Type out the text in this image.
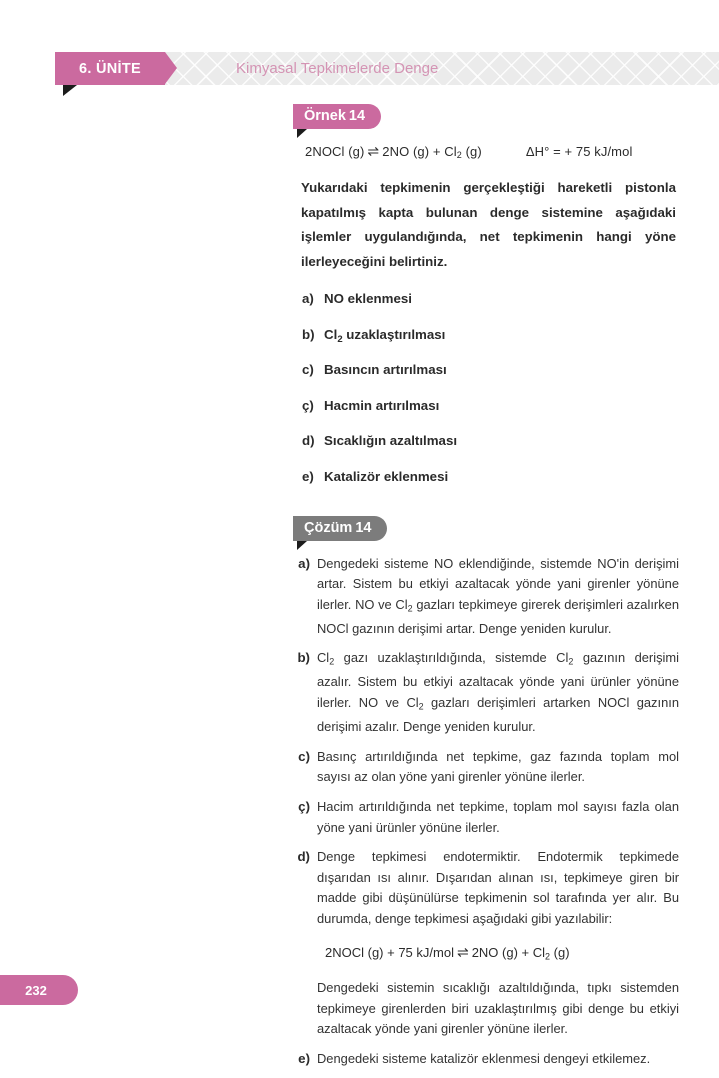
6. ÜNİTE	Kimyasal Tepkimelerde Denge
Örnek 14
2NOCl (g) ⇌ 2NO $(g) + Cl_2$ (g)	ΔH° = + 75 kJ/mol
Yukarıdaki tepkimenin gerçekleştiği hareketli pistonla kapatılmış kapta bulunan denge sistemine aşağıdaki işlemler uygulandığında, net tepkimenin hangi yöne ilerleyeceğini belirtiniz.
a) NO eklenmesi
b) $Cl_2$ uzaklaştırılması
c) Basıncın artırılması
ç) Hacmin artırılması
d) Sıcaklığın azaltılması
e) Katalizör eklenmesi
Çözüm 14
a) Dengedeki sisteme NO eklendiğinde, sistemde NO'in derişimi artar. Sistem bu etkiyi azaltacak yönde yani girenler yönüne ilerler. NO ve $Cl_2$ gazları tepkimeye girerek derişimleri azalırken NOCl gazının derişimi artar. Denge yeniden kurulur.
b) $Cl_2$ gazı uzaklaştırıldığında, sistemde $Cl_2$ gazının derişimi azalır. Sistem bu etkiyi azaltacak yönde yani ürünler yönüne ilerler. NO ve $Cl_2$ gazları derişimleri artarken NOCl gazının derişimi azalır. Denge yeniden kurulur.
c) Basınç artırıldığında net tepkime, gaz fazında toplam mol sayısı az olan yöne yani girenler yönüne ilerler.
ç) Hacim artırıldığında net tepkime, toplam mol sayısı fazla olan yöne yani ürünler yönüne ilerler.
d) Denge tepkimesi endotermiktir. Endotermik tepkimede dışarıdan ısı alınır. Dışarıdan alınan ısı, tepkimeye giren bir madde gibi düşünülürse tepkimenin sol tarafında yer alır. Bu durumda, denge tepkimesi aşağıdaki gibi yazılabilir:
2NOCl (g) + 75 kJ/mol ⇌ 2NO $(g) + Cl_2$ (g)
Dengedeki sistemin sıcaklığı azaltıldığında, tıpkı sistemden tepkimeye girenlerden biri uzaklaştırılmış gibi denge bu etkiyi azaltacak yönde yani girenler yönüne ilerler.
e) Dengedeki sisteme katalizör eklenmesi dengeyi etkilemez.
232
